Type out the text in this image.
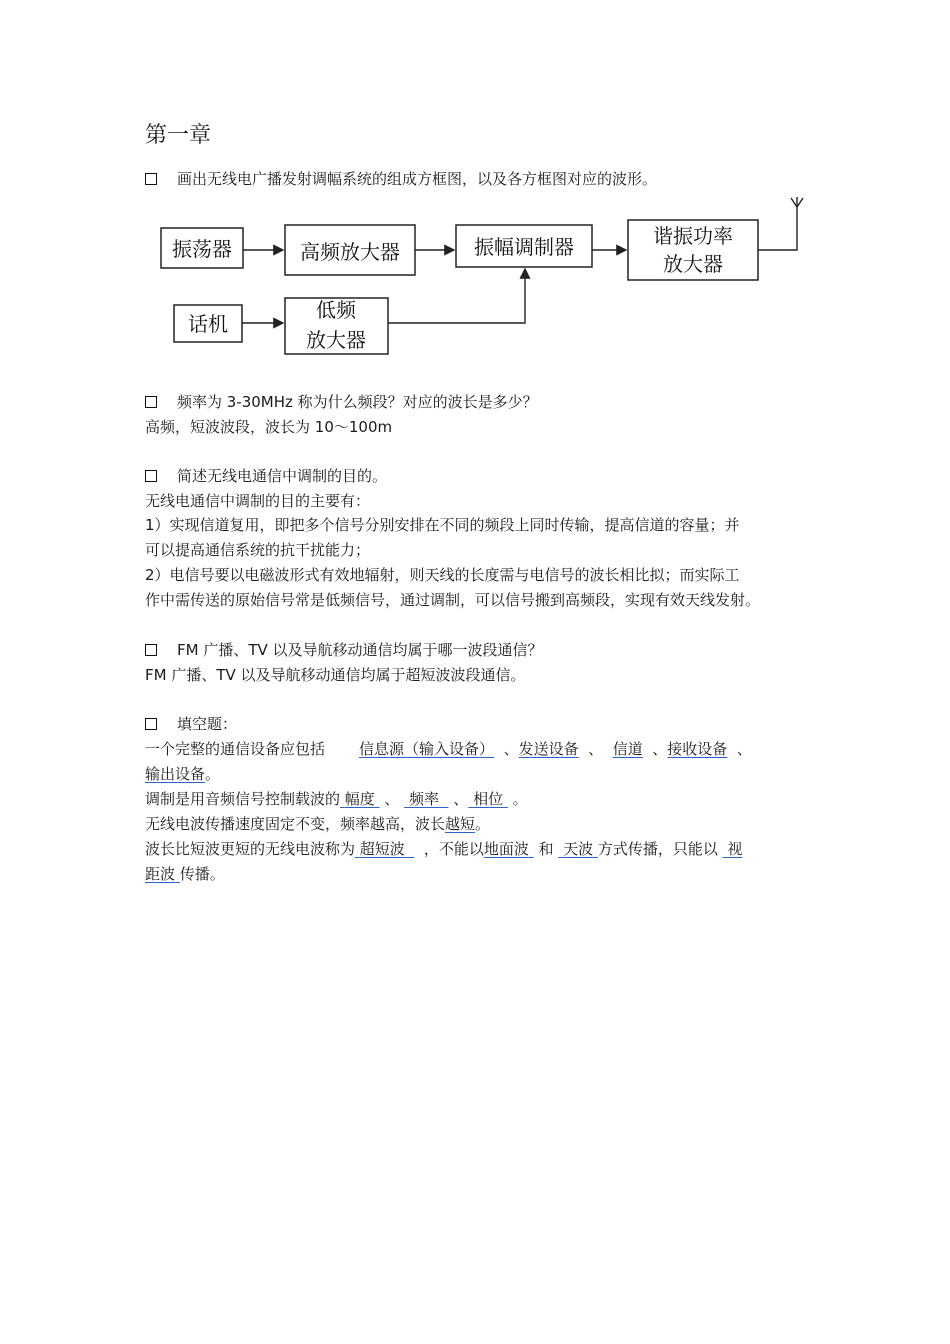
第一章
画出无线电广播发射调幅系统的组成方框图，以及各方框图对应的波形。
振荡器	高频放大器	振幅调制器	谐振功率
放大器
话机
低频
放大器
频率为 3-30MHz 称为什么频段？对应的波长是多少？
高频，短波波段，波长为 10～100m
简述无线电通信中调制的目的。
无线电通信中调制的目的主要有：
1）实现信道复用，即把多个信号分别安排在不同的频段上同时传输，提高信道的容量；并
可以提高通信系统的抗干扰能力；
2）电信号要以电磁波形式有效地辐射，则天线的长度需与电信号的波长相比拟；而实际工
作中需传送的原始信号常是低频信号，通过调制，可以信号搬到高频段，实现有效天线发射。
FM 广播、TV 以及导航移动通信均属于哪一波段通信？
FM 广播、TV 以及导航移动通信均属于超短波波段通信。
填空题：
一个完整的通信设备应包括 信息源（输入设备） 、发送设备 、 信道 、接收设备 、
输出设备。
调制是用音频信号控制载波的 幅度 、 频率 、 相位 。
无线电波传播速度固定不变，频率越高，波长越短。
波长比短波更短的无线电波称为 超短波 ，不能以地面波 和 天波 方式传播，只能以 视
距波 传播。
